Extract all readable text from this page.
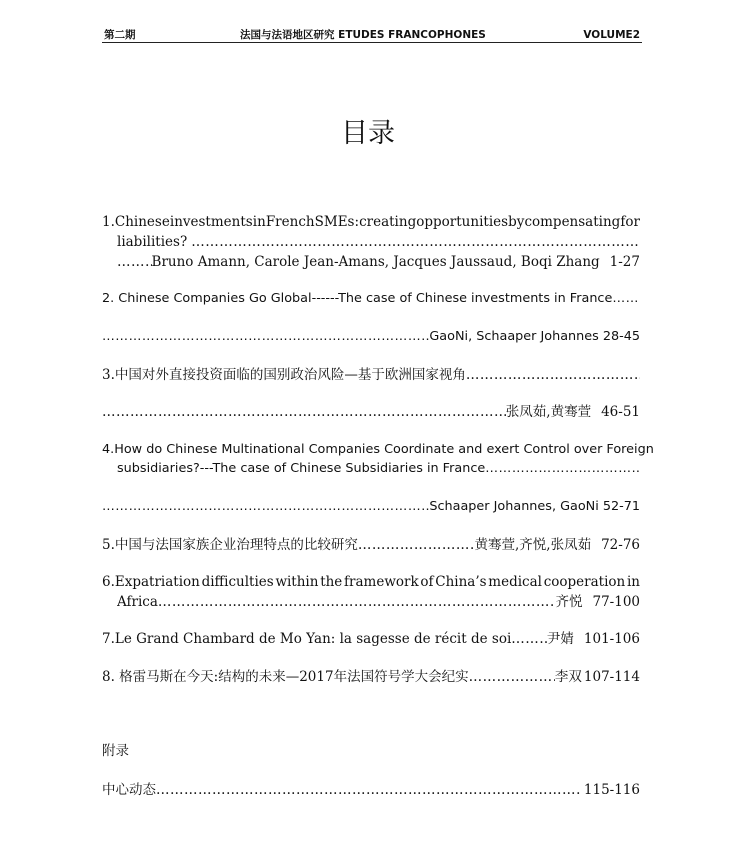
第二期	法国与法语地区研究 ETUDES FRANCOPHONES	VOLUME2
目录
1.Chinese investments in French SMEs: creating opportunities by compensating for
liabilities?
…………………………………………………………………………………………………………………………………………………………
…………………………………………………………………………………………………………………………………………………………
Bruno Amann, Carole Jean-Amans, Jacques Jaussaud, Boqi Zhang 1-27
2. Chinese Companies Go Global------The case of Chinese investments in France
…………………………………………………………………………………………………………………………………………………………
…………………………………………………………………………………………………………………………………………………………
GaoNi, Schaaper Johannes 28-45
3.中国对外直接投资面临的国别政治风险—基于欧洲国家视角
…………………………………………………………………………………………………………………………………………………………
…………………………………………………………………………………………………………………………………………………………
张凤茹,黄骞萱 46-51
4.How do Chinese Multinational Companies Coordinate and exert Control over Foreign
subsidiaries?---The case of Chinese Subsidiaries in France
…………………………………………………………………………………………………………………………………………………………
…………………………………………………………………………………………………………………………………………………………
Schaaper Johannes, GaoNi 52-71
5.中国与法国家族企业治理特点的比较研究 …………………………………………………………………………………………………………………………………………………………	黄骞萱,齐悦,张凤茹 72-76
6.Expatriation difficulties within the framework of China’s medical cooperation in
Africa …………………………………………………………………………………………………………………………………………………………	齐悦 77-100
7.Le Grand Chambard de Mo Yan: la sagesse de récit de soi …………………………………………………………………………………………………………………………………………………………	尹婧 101-106
8. 格雷马斯在今天:结构的未来—2017年法国符号学大会纪实 …………………………………………………………………………………………………………………………………………………………	李双 107-114
附录
中心动态 …………………………………………………………………………………………………………………………………………………………	115-116
